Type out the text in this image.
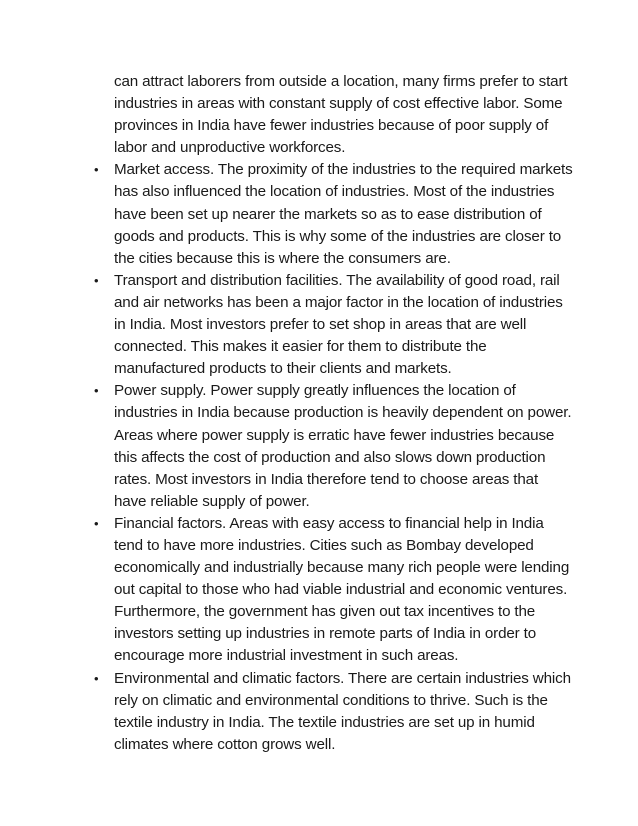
can attract laborers from outside a location, many firms prefer to start industries in areas with constant supply of cost effective labor. Some provinces in India have fewer industries because of poor supply of labor and unproductive workforces.

•	Market access. The proximity of the industries to the required markets has also influenced the location of industries. Most of the industries have been set up nearer the markets so as to ease distribution of goods and products. This is why some of the industries are closer to the cities because this is where the consumers are.
•	Transport and distribution facilities. The availability of good road, rail and air networks has been a major factor in the location of industries in India. Most investors prefer to set shop in areas that are well connected. This makes it easier for them to distribute the manufactured products to their clients and markets.
•	Power supply. Power supply greatly influences the location of industries in India because production is heavily dependent on power. Areas where power supply is erratic have fewer industries because this affects the cost of production and also slows down production rates. Most investors in India therefore tend to choose areas that have reliable supply of power.
•	Financial factors. Areas with easy access to financial help in India tend to have more industries. Cities such as Bombay developed economically and industrially because many rich people were lending out capital to those who had viable industrial and economic ventures. Furthermore, the government has given out tax incentives to the investors setting up industries in remote parts of India in order to encourage more industrial investment in such areas.
•	Environmental and climatic factors. There are certain industries which rely on climatic and environmental conditions to thrive. Such is the textile industry in India. The textile industries are set up in humid climates where cotton grows well.
